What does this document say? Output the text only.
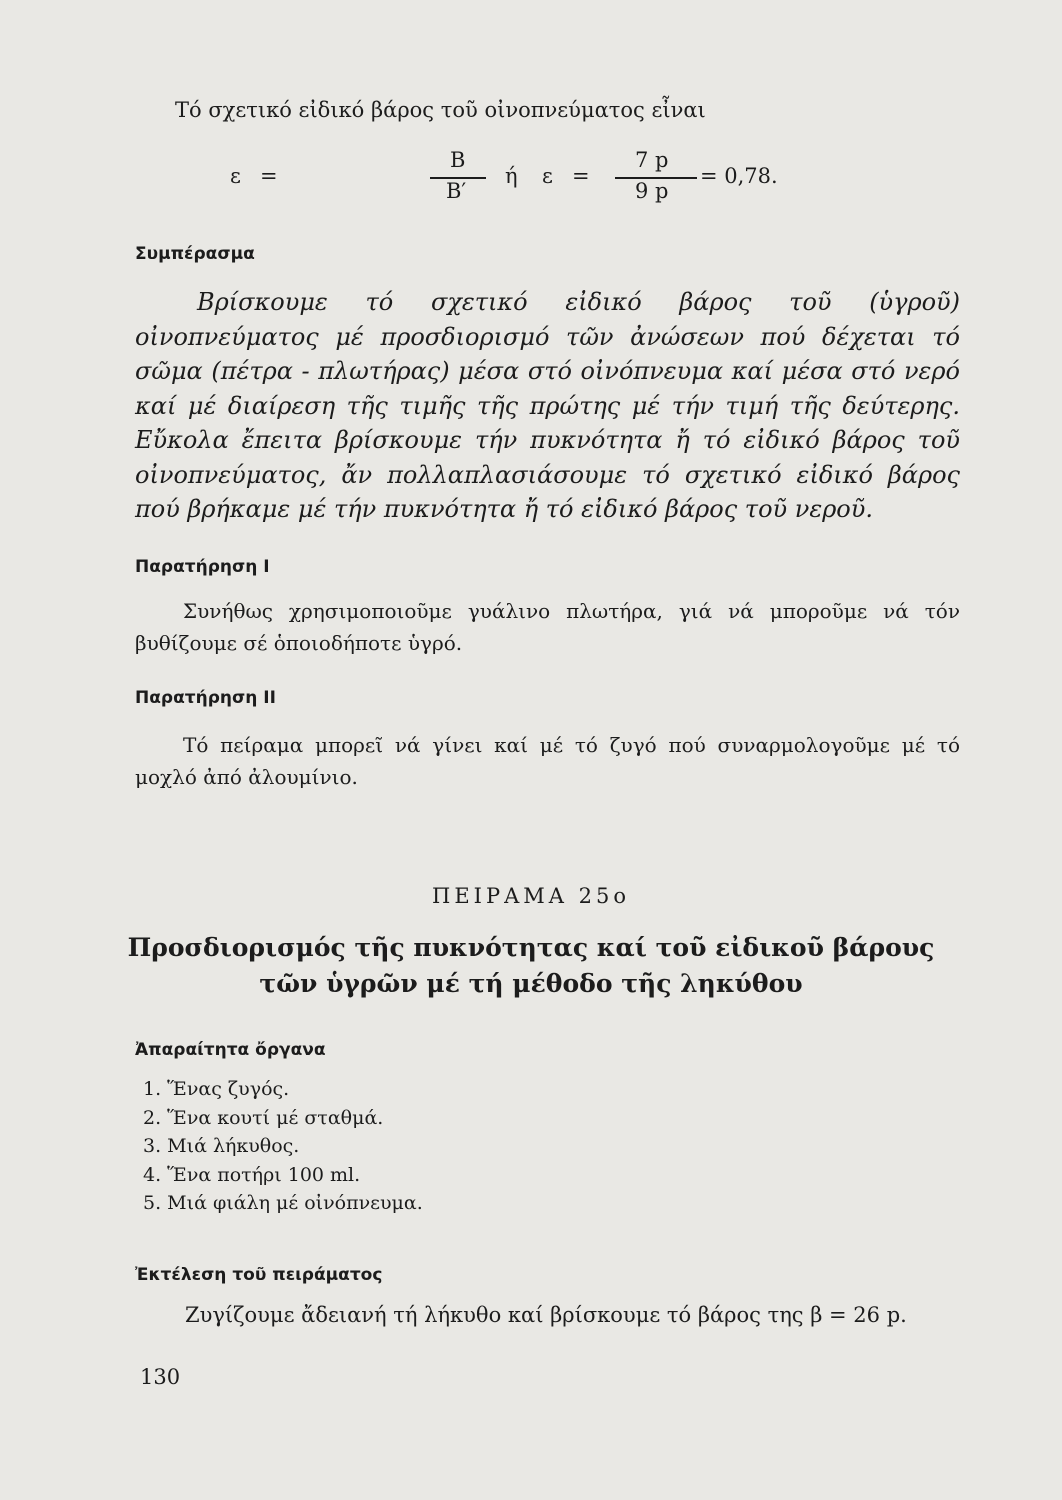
Τό σχετικό εἰδικό βάρος τοῦ οἰνοπνεύματος εἶναι
ε =
Β
Β′
ή ε =
7 p
9 p
= 0,78.
Συμπέρασμα

Βρίσκουμε τό σχετικό εἰδικό βάρος τοῦ (ὑγροῦ) οἰνοπνεύματος μέ προσδιορισμό τῶν ἀνώσεων πού δέχεται τό σῶμα (πέτρα - πλωτήρας) μέσα στό οἰνόπνευμα καί μέσα στό νερό καί μέ διαίρεση τῆς τιμῆς τῆς πρώτης μέ τήν τιμή τῆς δεύτερης. Εὔκολα ἔπειτα βρίσκουμε τήν πυκνότητα ἤ τό εἰδικό βάρος τοῦ οἰνοπνεύματος, ἄν πολλαπλασιάσουμε τό σχετικό εἰδικό βάρος πού βρήκαμε μέ τήν πυκνότητα ἤ τό εἰδικό βάρος τοῦ νεροῦ.

Παρατήρηση Ι

Συνήθως χρησιμοποιοῦμε γυάλινο πλωτήρα, γιά νά μποροῦμε νά τόν βυθίζουμε σέ ὁποιοδήποτε ὑγρό.

Παρατήρηση ΙΙ

Τό πείραμα μπορεῖ νά γίνει καί μέ τό ζυγό πού συναρμολογοῦμε μέ τό μοχλό ἀπό ἀλουμίνιο.

ΠΕΙΡΑΜΑ 25ο
Προσδιορισμός τῆς πυκνότητας καί τοῦ εἰδικοῦ βάρους
τῶν ὑγρῶν μέ τή μέθοδο τῆς ληκύθου
Ἀπαραίτητα ὄργανα
1. Ἕνας ζυγός.
2. Ἕνα κουτί μέ σταθμά.
3. Μιά λήκυθος.
4. Ἕνα ποτήρι 100 ml.
5. Μιά φιάλη μέ οἰνόπνευμα.
Ἐκτέλεση τοῦ πειράματος
Ζυγίζουμε ἄδειανή τή λήκυθο καί βρίσκουμε τό βάρος της β = 26 p.
130
